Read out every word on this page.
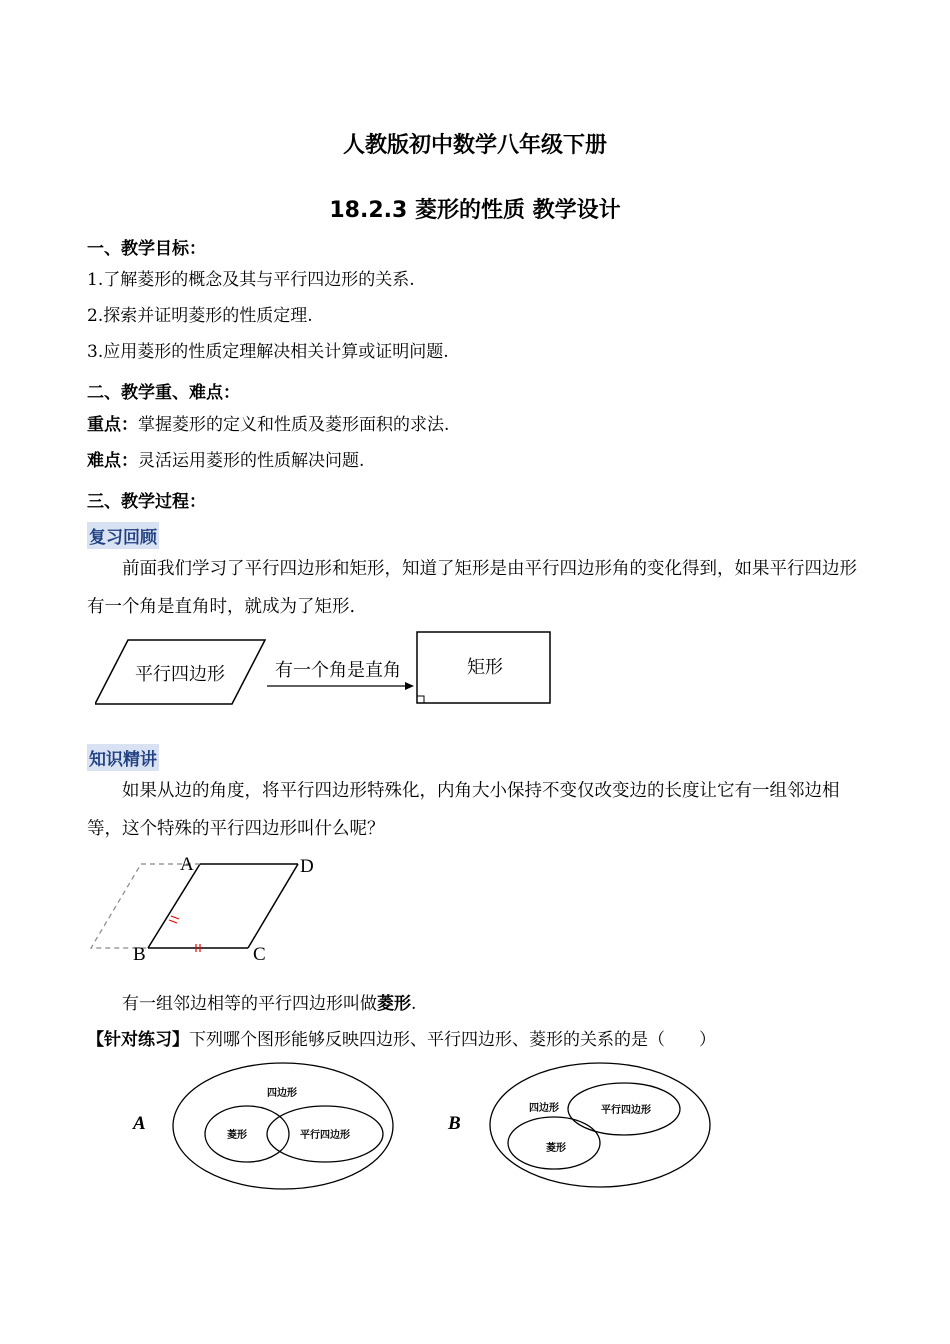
人教版初中数学八年级下册
18.2.3 菱形的性质 教学设计
一、教学目标：
1.了解菱形的概念及其与平行四边形的关系.
2.探索并证明菱形的性质定理.
3.应用菱形的性质定理解决相关计算或证明问题.
二、教学重、难点：
重点：掌握菱形的定义和性质及菱形面积的求法.
难点：灵活运用菱形的性质解决问题.
三、教学过程：
复习回顾
前面我们学习了平行四边形和矩形，知道了矩形是由平行四边形角的变化得到，如果平行四边形有一个角是直角时，就成为了矩形.
平行四边形	有一个角是直角	矩形
知识精讲
如果从边的角度，将平行四边形特殊化，内角大小保持不变仅改变边的长度让它有一组邻边相等，这个特殊的平行四边形叫什么呢？
A	D
B	C
有一组邻边相等的平行四边形叫做菱形.
【针对练习】下列哪个图形能够反映四边形、平行四边形、菱形的关系的是（　　）
A
四边形
菱形	平行四边形
B
四边形	平行四边形
菱形
